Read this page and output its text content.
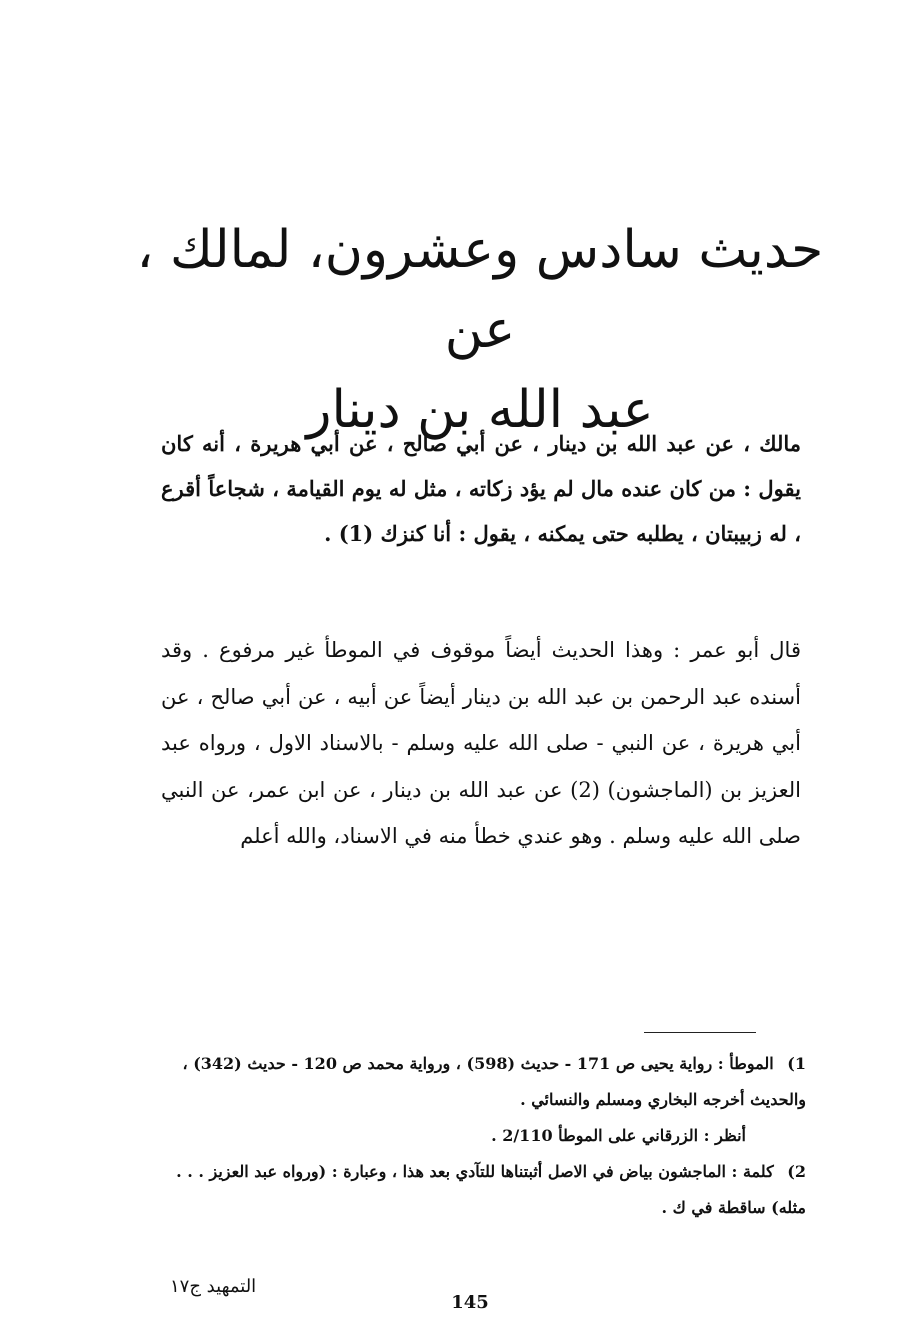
حديث سادس وعشرون، لمالك ، عن
عبد الله بن دينار

مالك ، عن عبد الله بن دينار ، عن أبي صالح ، عن أبي هريرة ، أنه كان يقول : من كان عنده مال لم يؤد زكاته ، مثل له يوم القيامة ، شجاعاً أقرع ، له زبيبتان ، يطلبه حتى يمكنه ، يقول : أنا كنزك (1) .

قال أبو عمر : وهذا الحديث أيضاً موقوف في الموطأ غير مرفوع . وقد أسنده عبد الرحمن بن عبد الله بن دينار أيضاً عن أبيه ، عن أبي صالح ، عن أبي هريرة ، عن النبي - صلى الله عليه وسلم - بالاسناد الاول ، ورواه عبد العزيز بن (الماجشون) (2) عن عبد الله بن دينار ، عن ابن عمر، عن النبي صلى الله عليه وسلم . وهو عندي خطأ منه في الاسناد، والله أعلم

1) الموطأ : رواية يحيى ص 171 - حديث (598) ، ورواية محمد ص 120 - حديث (342) ، والحديث أخرجه البخاري ومسلم والنسائي .
أنظر : الزرقاني على الموطأ 2/110 .
2) كلمة : الماجشون بياض في الاصل أثبتناها للتآدي بعد هذا ، وعبارة : (ورواه عبد العزيز . . . مثله) ساقطة في ك .
التمهيد ج١٧
145
